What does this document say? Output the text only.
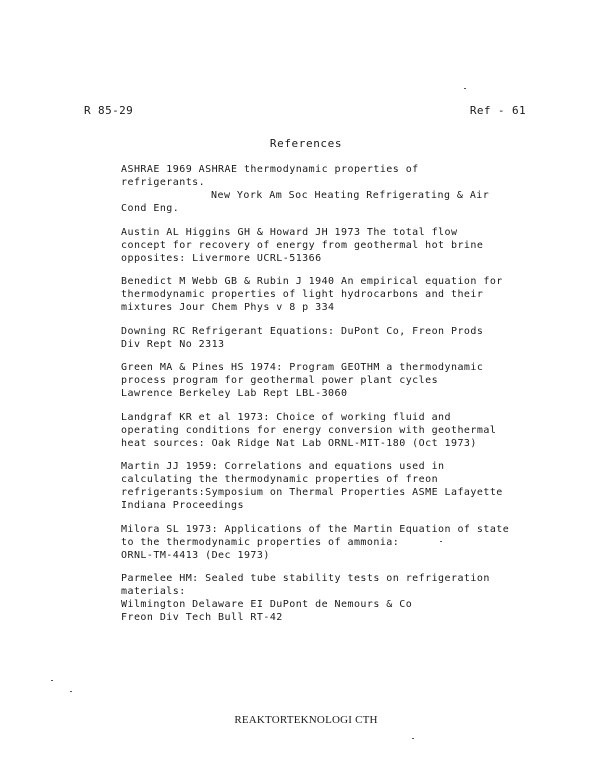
R 85-29	Ref - 61
References
ASHRAE 1969 ASHRAE thermodynamic properties of
refrigerants.
New York Am Soc Heating Refrigerating & Air
Cond Eng.
Austin AL Higgins GH & Howard JH 1973 The total flow
concept for recovery of energy from geothermal hot brine
opposites: Livermore UCRL-51366
Benedict M Webb GB & Rubin J 1940 An empirical equation for
thermodynamic properties of light hydrocarbons and their
mixtures Jour Chem Phys v 8 p 334
Downing RC Refrigerant Equations: DuPont Co, Freon Prods
Div Rept No 2313
Green MA & Pines HS 1974: Program GEOTHM a thermodynamic
process program for geothermal power plant cycles
Lawrence Berkeley Lab Rept LBL-3060
Landgraf KR et al 1973: Choice of working fluid and
operating conditions for energy conversion with geothermal
heat sources: Oak Ridge Nat Lab ORNL-MIT-180 (Oct 1973)
Martin JJ 1959: Correlations and equations used in
calculating the thermodynamic properties of freon
refrigerants:Symposium on Thermal Properties ASME Lafayette
Indiana Proceedings
Milora SL 1973: Applications of the Martin Equation of state
to the thermodynamic properties of ammonia:
ORNL-TM-4413 (Dec 1973)
Parmelee HM: Sealed tube stability tests on refrigeration
materials:
Wilmington Delaware EI DuPont de Nemours & Co
Freon Div Tech Bull RT-42
REAKTORTEKNOLOGI CTH
